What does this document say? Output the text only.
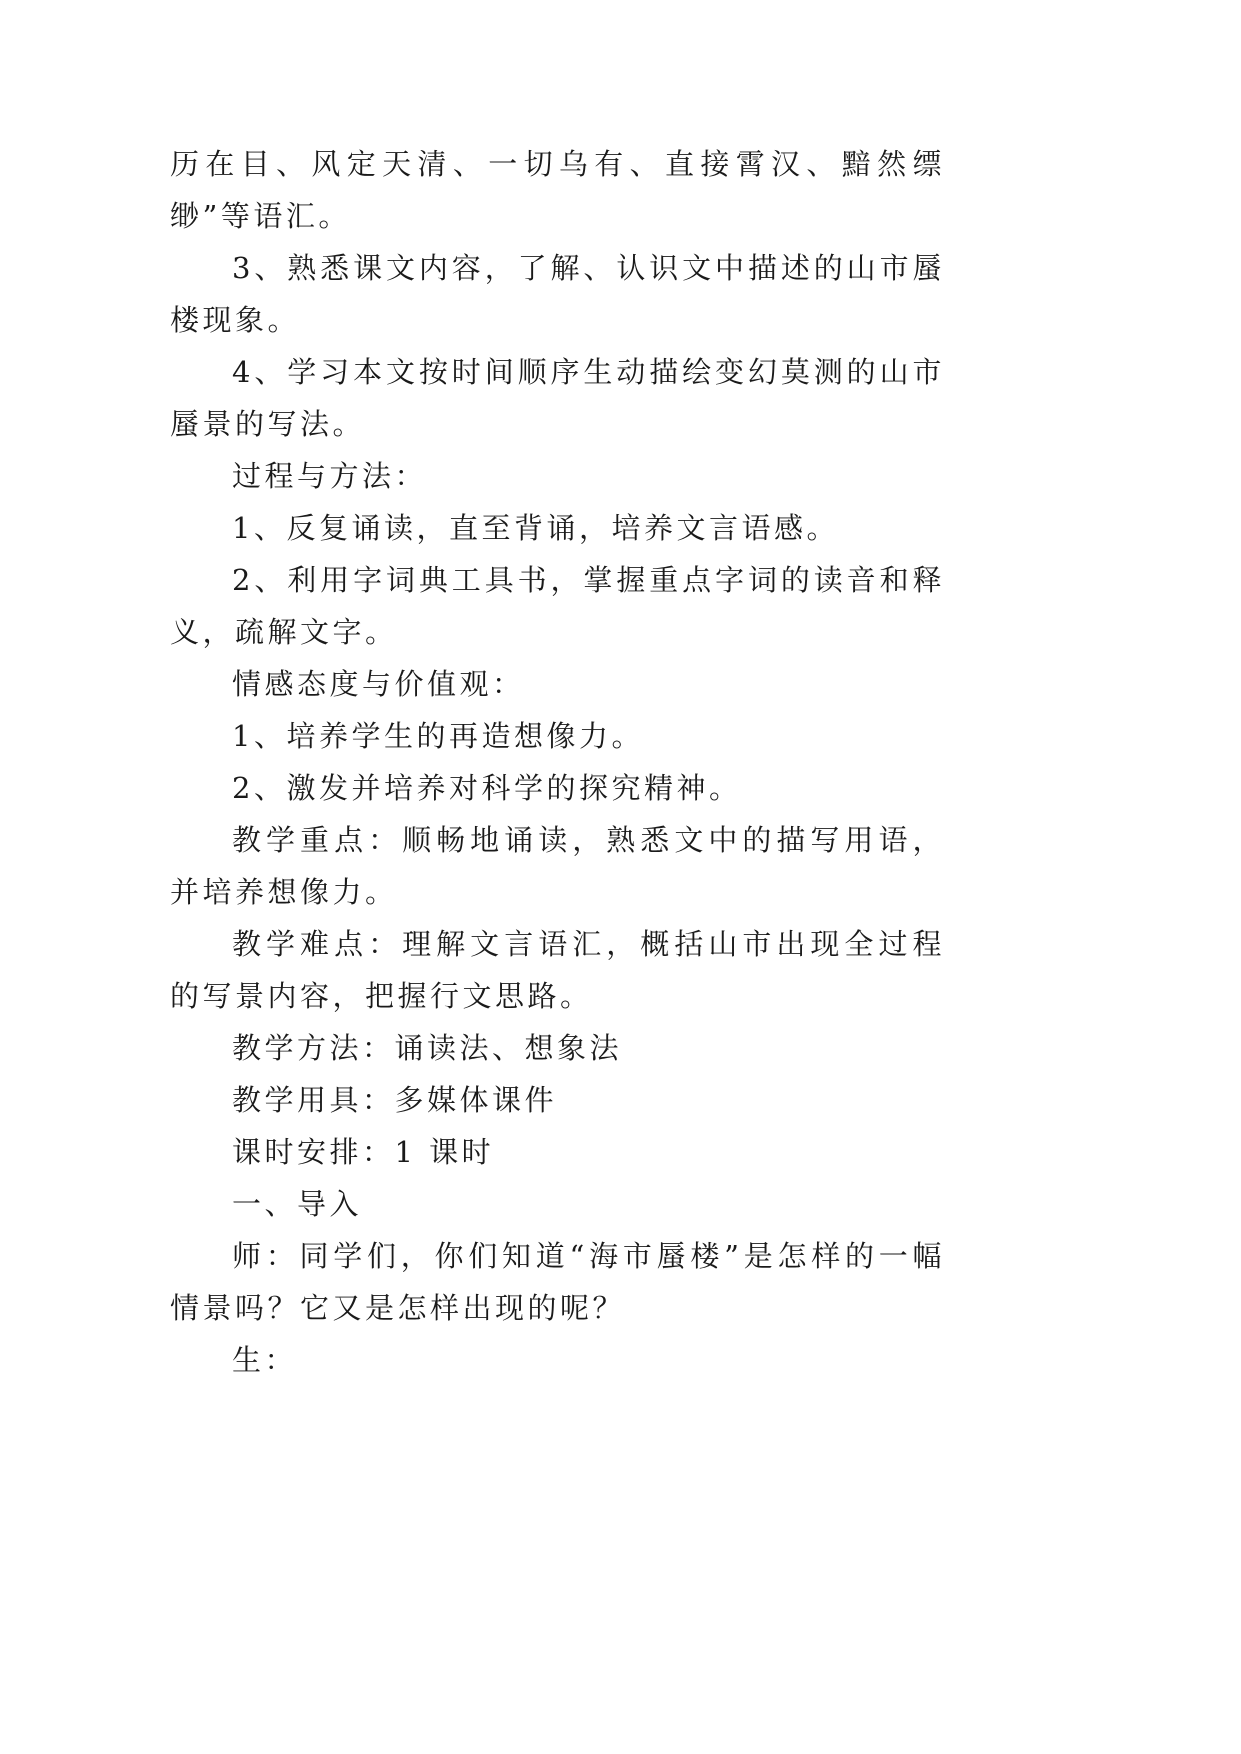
历在目、风定天清、一切乌有、直接霄汉、黯然缥缈”等语汇。

3、熟悉课文内容，了解、认识文中描述的山市蜃楼现象。

4、学习本文按时间顺序生动描绘变幻莫测的山市蜃景的写法。

过程与方法：

1、反复诵读，直至背诵，培养文言语感。

2、利用字词典工具书，掌握重点字词的读音和释义，疏解文字。

情感态度与价值观：

1、培养学生的再造想像力。

2、激发并培养对科学的探究精神。

教学重点：顺畅地诵读，熟悉文中的描写用语，并培养想像力。

教学难点：理解文言语汇，概括山市出现全过程的写景内容，把握行文思路。

教学方法：诵读法、想象法

教学用具：多媒体课件

课时安排：1 课时

一、导入

师：同学们，你们知道“海市蜃楼”是怎样的一幅情景吗？它又是怎样出现的呢？

生：
